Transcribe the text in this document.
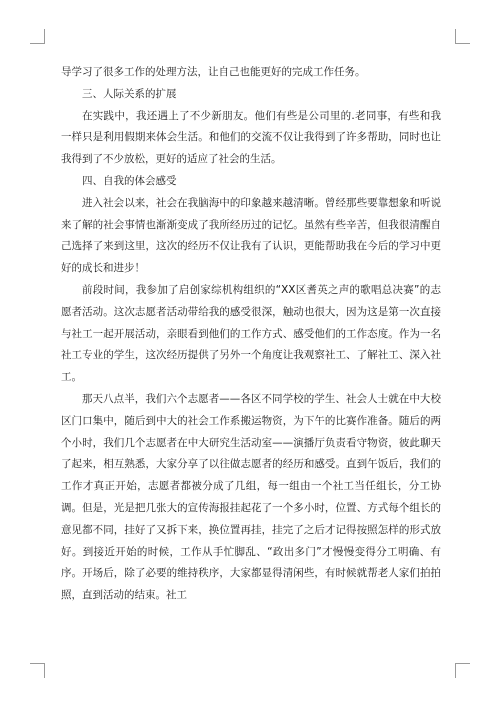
导学习了很多工作的处理方法，让自己也能更好的完成工作任务。

三、人际关系的扩展

在实践中，我还遇上了不少新朋友。他们有些是公司里的.老同事，有些和我一样只是利用假期来体会生活。和他们的交流不仅让我得到了许多帮助，同时也让我得到了不少放松，更好的适应了社会的生活。

四、自我的体会感受

进入社会以来，社会在我脑海中的印象越来越清晰。曾经那些要靠想象和听说来了解的社会事情也渐渐变成了我所经历过的记忆。虽然有些辛苦，但我很清醒自己选择了来到这里，这次的经历不仅让我有了认识，更能帮助我在今后的学习中更好的成长和进步！

前段时间，我参加了启创家综机构组织的“XX区耆英之声的歌唱总决赛”的志愿者活动。这次志愿者活动带给我的感受很深，触动也很大，因为这是第一次直接与社工一起开展活动，亲眼看到他们的工作方式、感受他们的工作态度。作为一名社工专业的学生，这次经历提供了另外一个角度让我观察社工、了解社工、深入社工。

那天八点半，我们六个志愿者——各区不同学校的学生、社会人士就在中大校区门口集中，随后到中大的社会工作系搬运物资，为下午的比赛作准备。随后的两个小时，我们几个志愿者在中大研究生活动室——演播厅负责看守物资，彼此聊天了起来，相互熟悉，大家分享了以往做志愿者的经历和感受。直到午饭后，我们的工作才真正开始，志愿者都被分成了几组，每一组由一个社工当任组长，分工协调。但是，光是把几张大的宣传海报挂起花了一个多小时，位置、方式每个组长的意见都不同，挂好了又拆下来，换位置再挂，挂完了之后才记得按照怎样的形式放好。到接近开始的时候，工作从手忙脚乱、“政出多门”才慢慢变得分工明确、有序。开场后，除了必要的维持秩序，大家都显得清闲些，有时候就帮老人家们拍拍照，直到活动的结束。社工
